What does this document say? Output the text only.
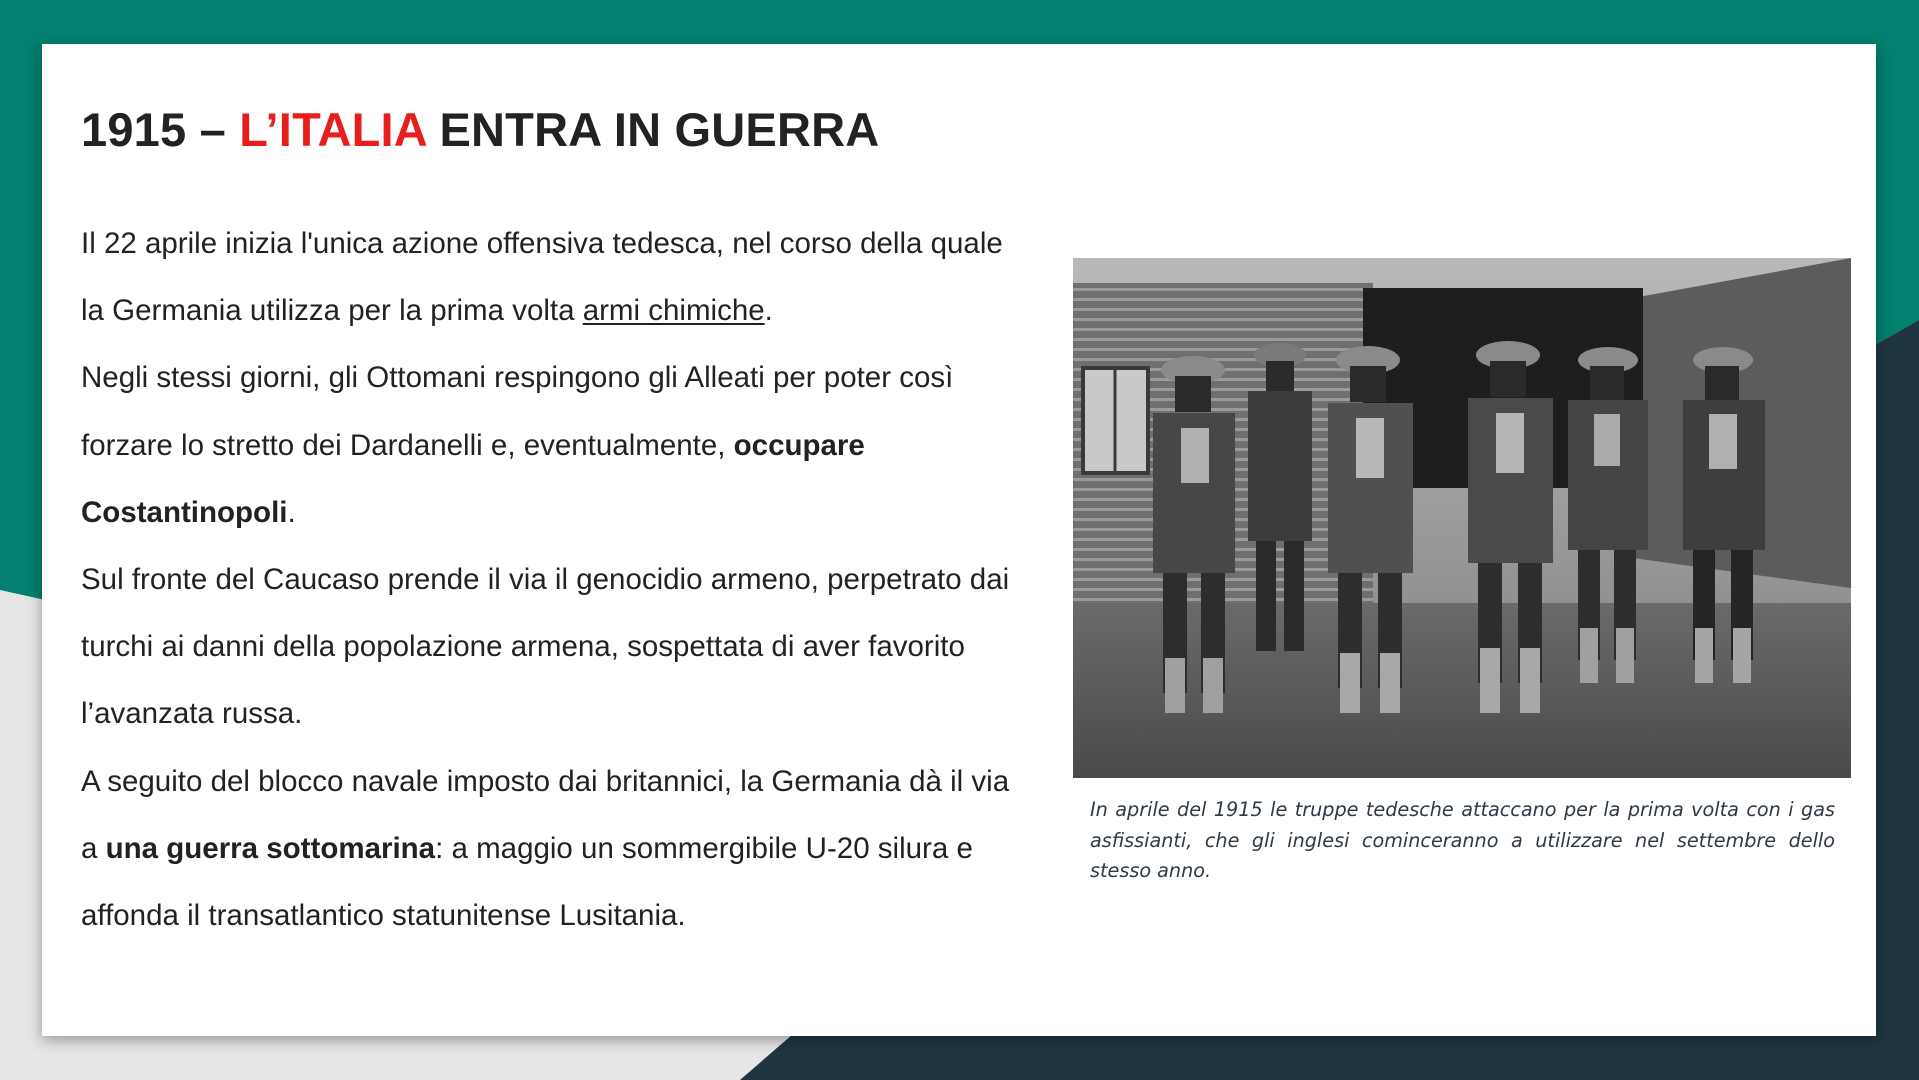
1915 – L’ITALIA ENTRA IN GUERRA

Il 22 aprile inizia l'unica azione offensiva tedesca, nel corso della quale la Germania utilizza per la prima volta armi chimiche.

Negli stessi giorni, gli Ottomani respingono gli Alleati per poter così forzare lo stretto dei Dardanelli e, eventualmente, occupare Costantinopoli.

Sul fronte del Caucaso prende il via il genocidio armeno, perpetrato dai turchi ai danni della popolazione armena, sospettata di aver favorito l’avanzata russa.

A seguito del blocco navale imposto dai britannici, la Germania dà il via a una guerra sottomarina: a maggio un sommergibile U-20 silura e affonda il transatlantico statunitense Lusitania.

In aprile del 1915 le truppe tedesche attaccano per la prima volta con i gas asfissianti, che gli inglesi cominceranno a utilizzare nel settembre dello stesso anno.
